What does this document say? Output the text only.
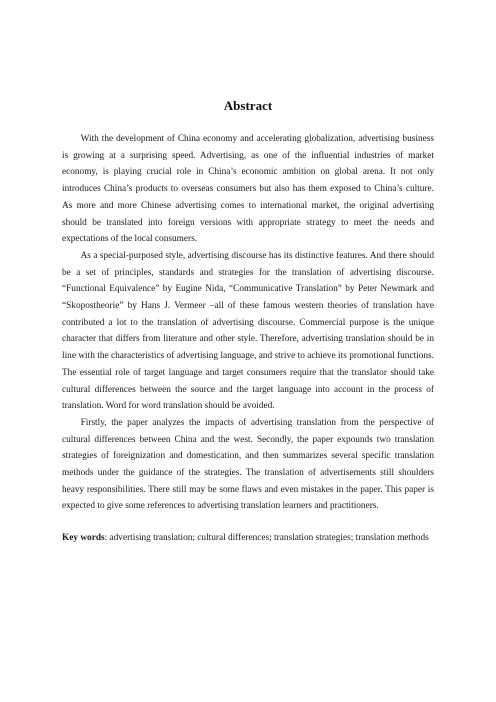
Abstract

With the development of China economy and accelerating globalization, advertising business is growing at a surprising speed. Advertising, as one of the influential industries of market economy, is playing crucial role in China’s economic ambition on global arena. It not only introduces China’s products to overseas consumers but also has them exposed to China’s culture. As more and more Chinese advertising comes to international market, the original advertising should be translated into foreign versions with appropriate strategy to meet the needs and expectations of the local consumers.

As a special-purposed style, advertising discourse has its distinctive features. And there should be a set of principles, standards and strategies for the translation of advertising discourse. “Functional Equivalence” by Eugine Nida, “Communicative Translation” by Peter Newmark and “Skopostheorie” by Hans J. Vermeer –all of these famous western theories of translation have contributed a lot to the translation of advertising discourse. Commercial purpose is the unique character that differs from literature and other style. Therefore, advertising translation should be in line with the characteristics of advertising language, and strive to achieve its promotional functions. The essential role of target language and target consumers require that the translator should take cultural differences between the source and the target language into account in the process of translation. Word for word translation should be avoided.

Firstly, the paper analyzes the impacts of advertising translation from the perspective of cultural differences between China and the west. Secondly, the paper expounds two translation strategies of foreignization and domestication, and then summarizes several specific translation methods under the guidance of the strategies. The translation of advertisements still shoulders heavy responsibilities. There still may be some flaws and even mistakes in the paper. This paper is expected to give some references to advertising translation learners and practitioners.

Key words: advertising translation; cultural differences; translation strategies; translation methods
